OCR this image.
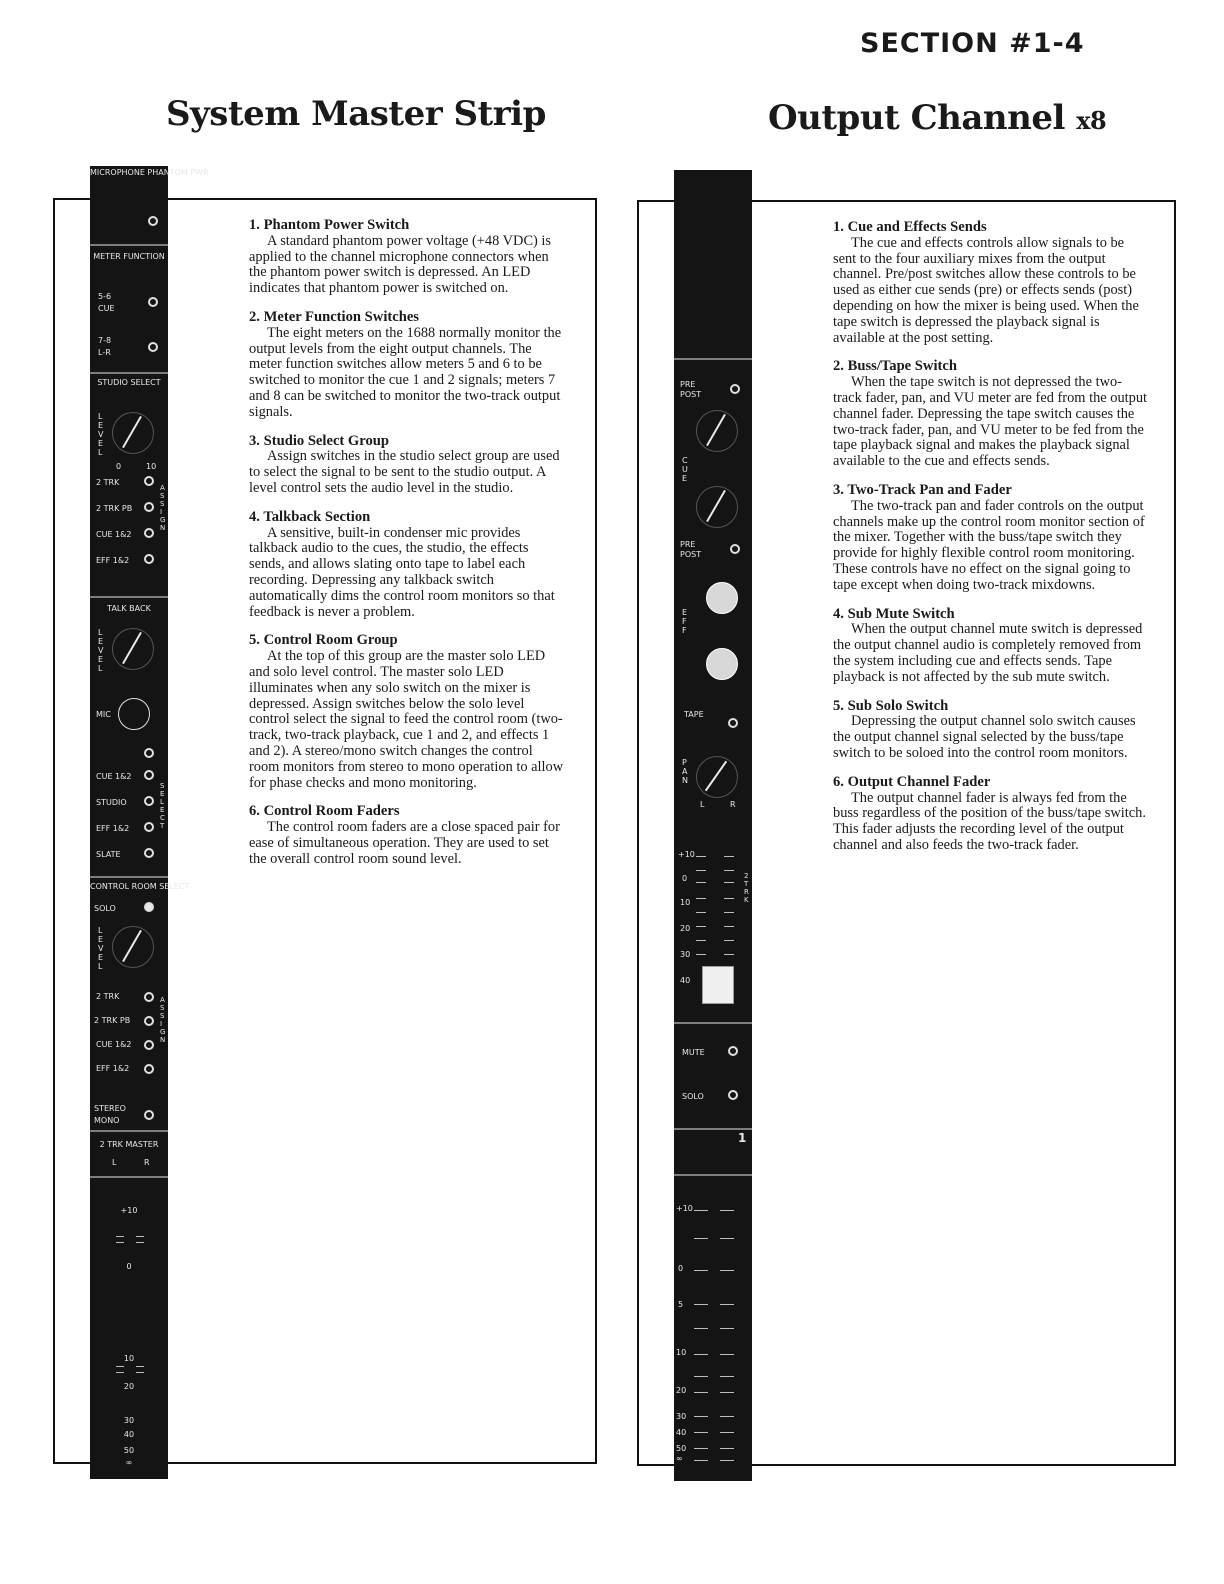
SECTION #1-4
System Master Strip	Output Channel x8
MICROPHONE PHANTOM PWR
METER FUNCTION
5-6
CUE
7-8
L-R
STUDIO SELECT
L E V E L
0	10
2 TRK
2 TRK PB
CUE 1&2
EFF 1&2
A S S I G N
TALK BACK
L E V E L
MIC
CUE 1&2
STUDIO
EFF 1&2
SLATE
S E L E C T
CONTROL ROOM SELECT
SOLO
L E V E L
2 TRK
2 TRK PB
CUE 1&2
EFF 1&2
A S S I G N
STEREO
MONO
2 TRK MASTER
L	R
+10
0
10
20
30
40
50
∞
PRE
POST
C U E
PRE
POST
E F F
TAPE
P A N
L	R
+10
0
10
20
30
40
2 T R K
MUTE
SOLO
1
+10
0
5
10
20
30
40
50
∞
1. Phantom Power Switch

A standard phantom power voltage (+48 VDC) is applied to the channel microphone connectors when the phantom power switch is depressed. An LED indicates that phantom power is switched on.

2. Meter Function Switches

The eight meters on the 1688 normally monitor the output levels from the eight output channels. The meter function switches allow meters 5 and 6 to be switched to monitor the cue 1 and 2 signals; meters 7 and 8 can be switched to monitor the two-track output signals.

3. Studio Select Group

Assign switches in the studio select group are used to select the signal to be sent to the studio output. A level control sets the audio level in the studio.

4. Talkback Section

A sensitive, built-in condenser mic provides talkback audio to the cues, the studio, the effects sends, and allows slating onto tape to label each recording. Depressing any talkback switch automatically dims the control room monitors so that feedback is never a problem.

5. Control Room Group

At the top of this group are the master solo LED and solo level control. The master solo LED illuminates when any solo switch on the mixer is depressed. Assign switches below the solo level control select the signal to feed the control room (two-track, two-track playback, cue 1 and 2, and effects 1 and 2). A stereo/mono switch changes the control room monitors from stereo to mono operation to allow for phase checks and mono monitoring.

6. Control Room Faders

The control room faders are a close spaced pair for ease of simultaneous operation. They are used to set the overall control room sound level.

1. Cue and Effects Sends

The cue and effects controls allow signals to be sent to the four auxiliary mixes from the output channel. Pre/post switches allow these controls to be used as either cue sends (pre) or effects sends (post) depending on how the mixer is being used. When the tape switch is depressed the playback signal is available at the post setting.

2. Buss/Tape Switch

When the tape switch is not depressed the two-track fader, pan, and VU meter are fed from the output channel fader. Depressing the tape switch causes the two-track fader, pan, and VU meter to be fed from the tape playback signal and makes the playback signal available to the cue and effects sends.

3. Two-Track Pan and Fader

The two-track pan and fader controls on the output channels make up the control room monitor section of the mixer. Together with the buss/tape switch they provide for highly flexible control room monitoring. These controls have no effect on the signal going to tape except when doing two-track mixdowns.

4. Sub Mute Switch

When the output channel mute switch is depressed the output channel audio is completely removed from the system including cue and effects sends. Tape playback is not affected by the sub mute switch.

5. Sub Solo Switch

Depressing the output channel solo switch causes the output channel signal selected by the buss/tape switch to be soloed into the control room monitors.

6. Output Channel Fader

The output channel fader is always fed from the buss regardless of the position of the buss/tape switch. This fader adjusts the recording level of the output channel and also feeds the two-track fader.
